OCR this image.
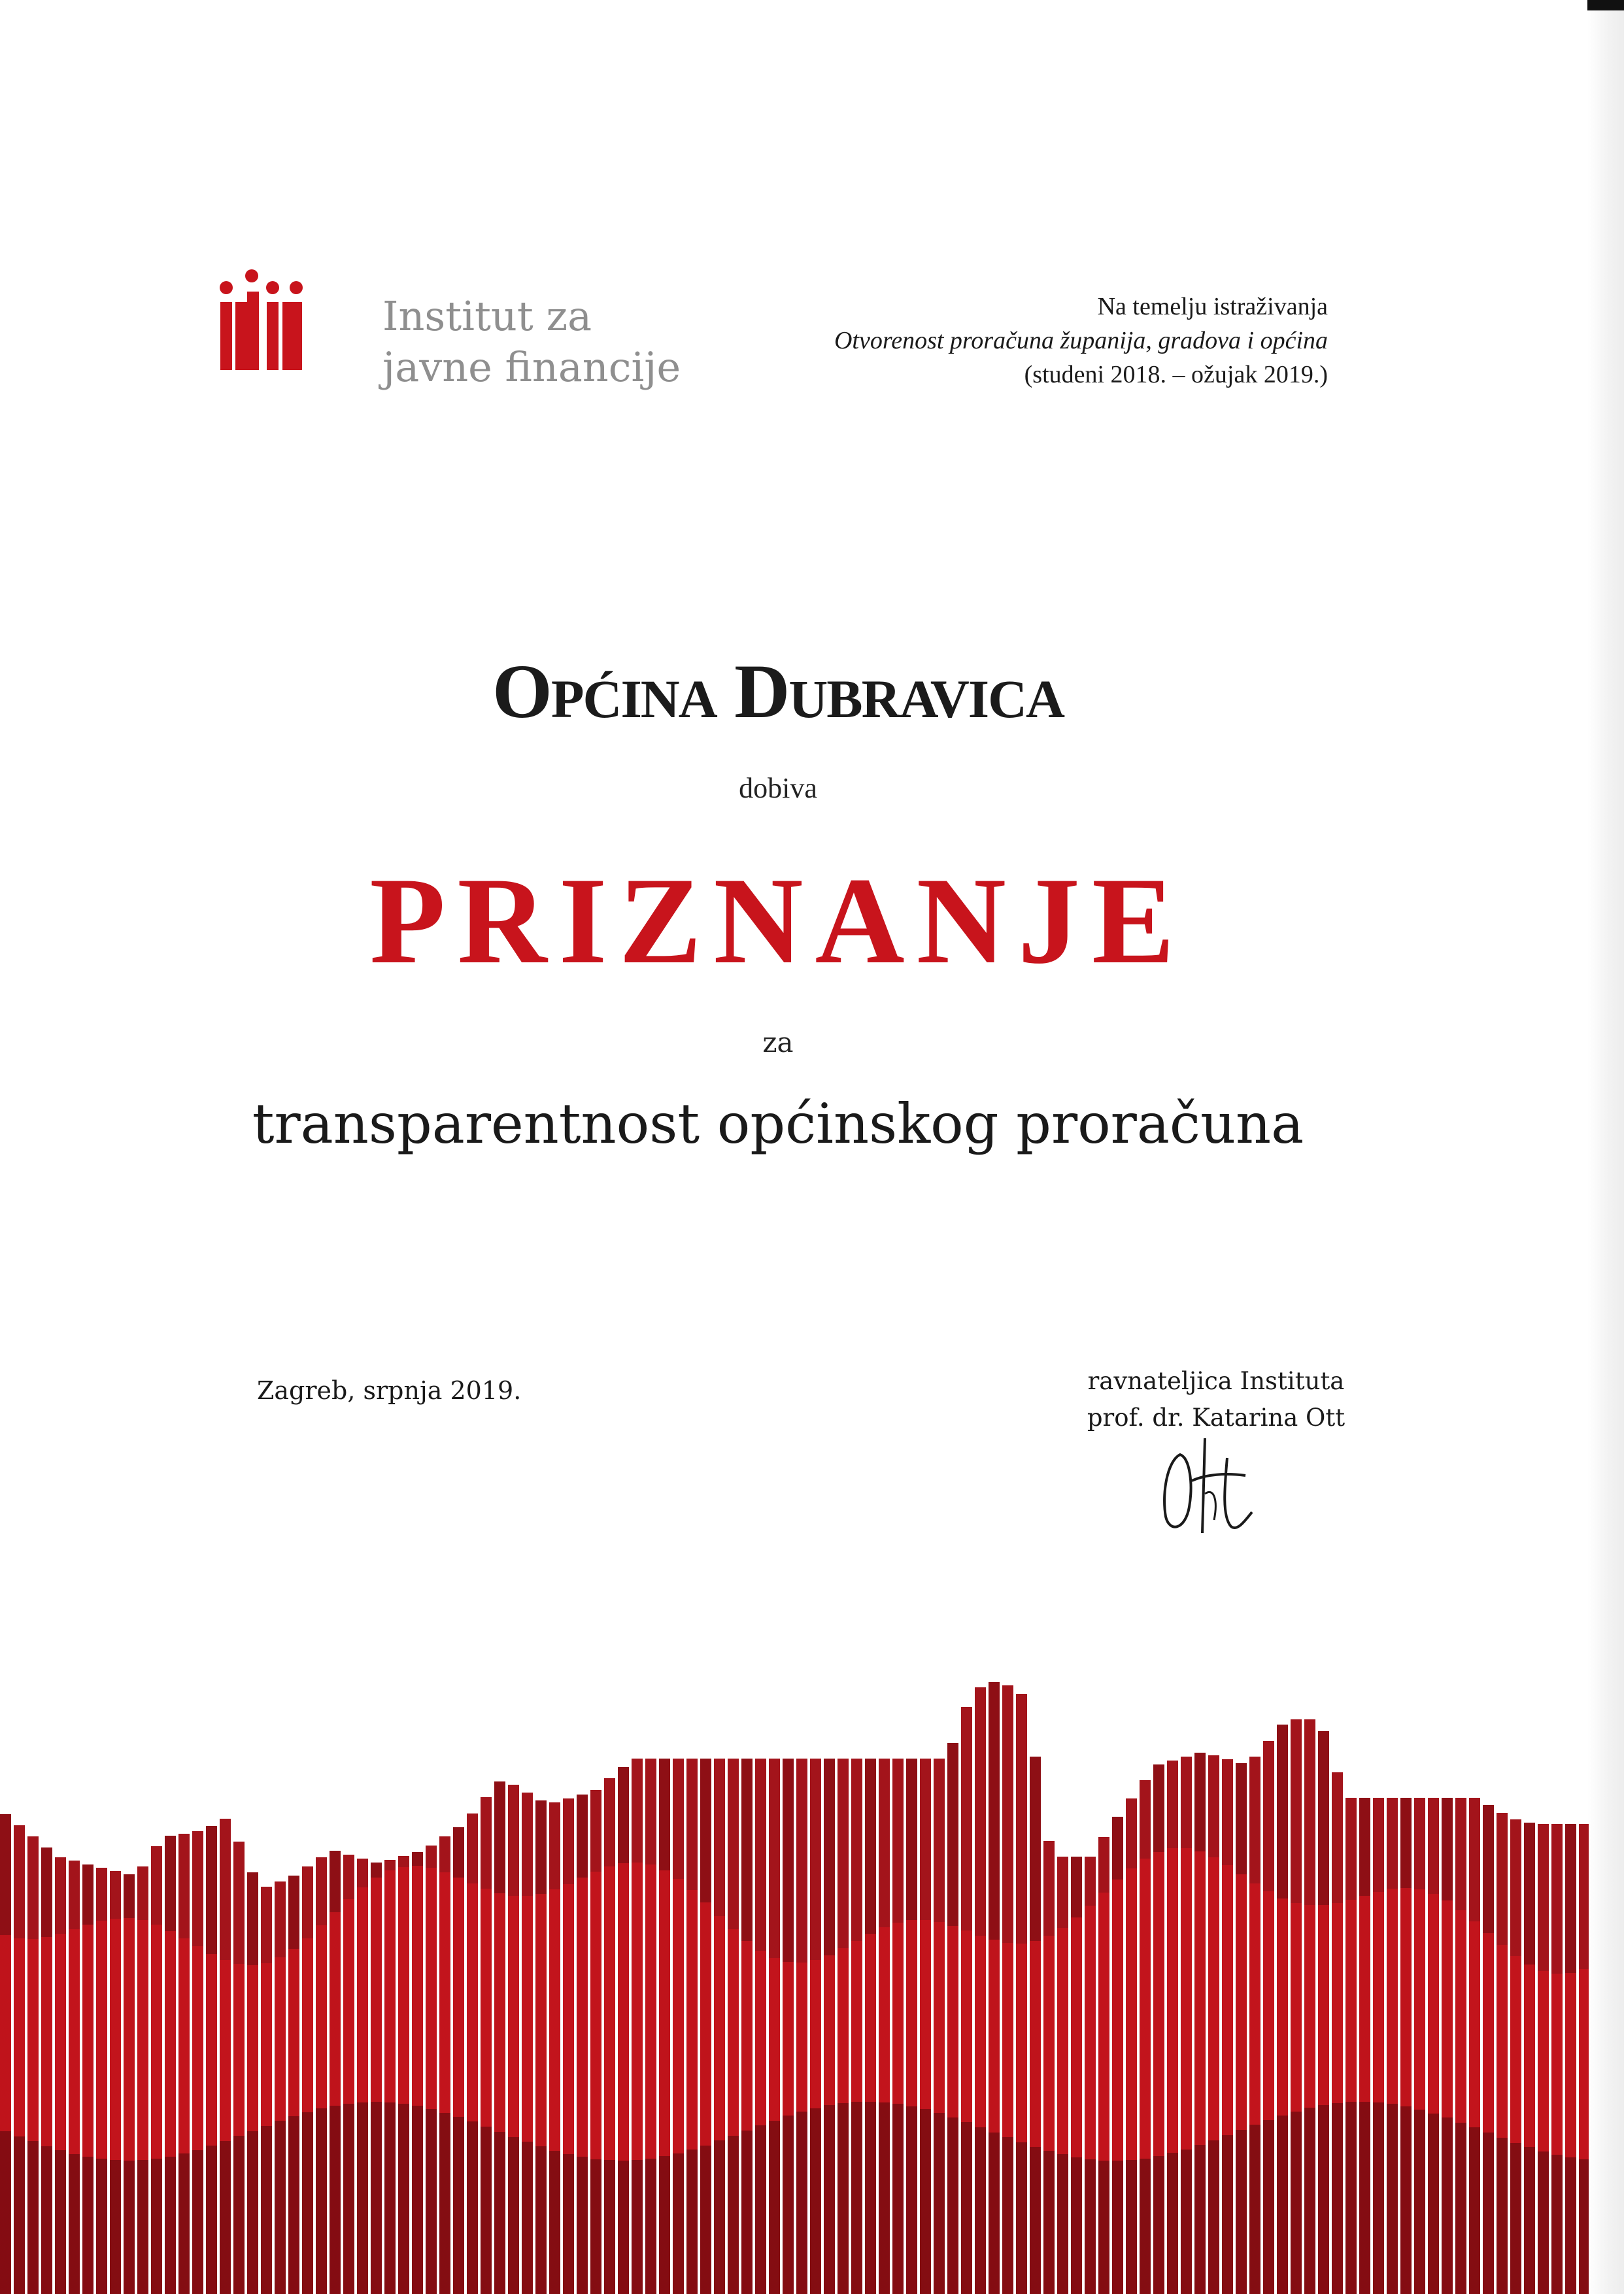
Institut za
javne financije
Na temelju istraživanja
Otvorenost proračuna županija, gradova i općina
(studeni 2018. – ožujak 2019.)
Općina Dubravica
dobiva
PRIZNANJE
za
transparentnost općinskog proračuna
Zagreb, srpnja 2019.	ravnateljica Instituta
prof. dr. Katarina Ott
